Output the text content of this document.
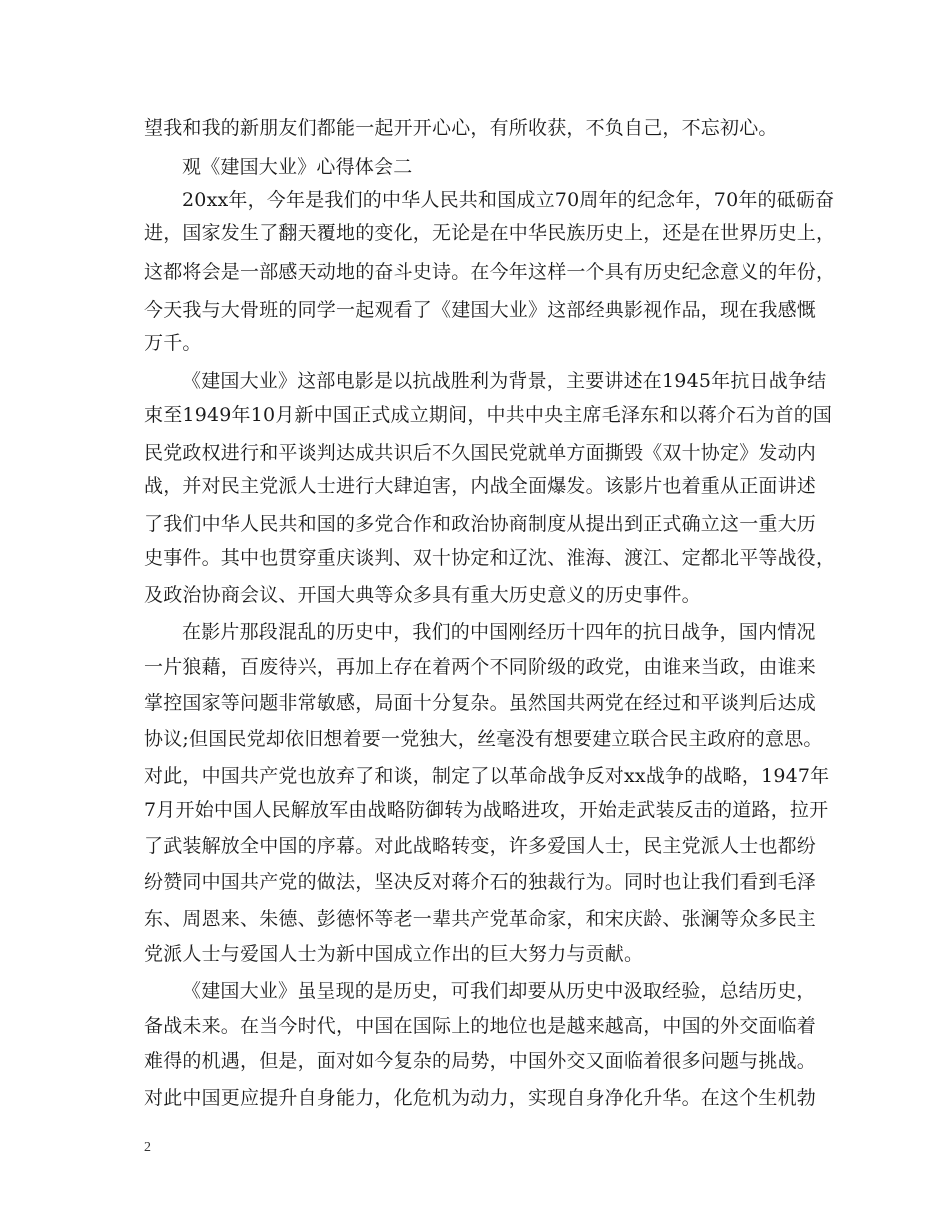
望我和我的新朋友们都能一起开开心心，有所收获，不负自己，不忘初心。

观《建国大业》心得体会二

20xx年，今年是我们的中华人民共和国成立70周年的纪念年，70年的砥砺奋

进，国家发生了翻天覆地的变化，无论是在中华民族历史上，还是在世界历史上，

这都将会是一部感天动地的奋斗史诗。在今年这样一个具有历史纪念意义的年份，

今天我与大骨班的同学一起观看了《建国大业》这部经典影视作品，现在我感慨

万千。

《建国大业》这部电影是以抗战胜利为背景，主要讲述在1945年抗日战争结

束至1949年10月新中国正式成立期间，中共中央主席毛泽东和以蒋介石为首的国

民党政权进行和平谈判达成共识后不久国民党就单方面撕毁《双十协定》发动内

战，并对民主党派人士进行大肆迫害，内战全面爆发。该影片也着重从正面讲述

了我们中华人民共和国的多党合作和政治协商制度从提出到正式确立这一重大历

史事件。其中也贯穿重庆谈判、双十协定和辽沈、淮海、渡江、定都北平等战役，

及政治协商会议、开国大典等众多具有重大历史意义的历史事件。

在影片那段混乱的历史中，我们的中国刚经历十四年的抗日战争，国内情况

一片狼藉，百废待兴，再加上存在着两个不同阶级的政党，由谁来当政，由谁来

掌控国家等问题非常敏感，局面十分复杂。虽然国共两党在经过和平谈判后达成

协议;但国民党却依旧想着要一党独大，丝毫没有想要建立联合民主政府的意思。

对此，中国共产党也放弃了和谈，制定了以革命战争反对xx战争的战略，1947年

7月开始中国人民解放军由战略防御转为战略进攻，开始走武装反击的道路，拉开

了武装解放全中国的序幕。对此战略转变，许多爱国人士，民主党派人士也都纷

纷赞同中国共产党的做法，坚决反对蒋介石的独裁行为。同时也让我们看到毛泽

东、周恩来、朱德、彭德怀等老一辈共产党革命家，和宋庆龄、张澜等众多民主

党派人士与爱国人士为新中国成立作出的巨大努力与贡献。

《建国大业》虽呈现的是历史，可我们却要从历史中汲取经验，总结历史，

备战未来。在当今时代，中国在国际上的地位也是越来越高，中国的外交面临着

难得的机遇，但是，面对如今复杂的局势，中国外交又面临着很多问题与挑战。

对此中国更应提升自身能力，化危机为动力，实现自身净化升华。在这个生机勃

2
